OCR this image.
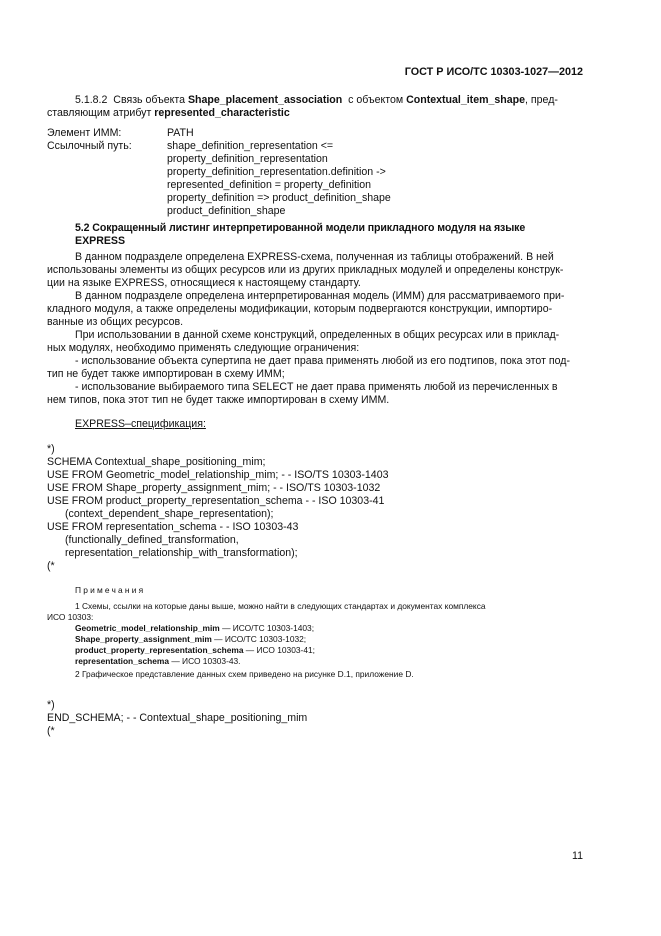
ГОСТ Р ИСО/ТС 10303-1027—2012
5.1.8.2 Связь объекта Shape_placement_association с объектом Contextual_item_shape, пред-
ставляющим атрибут represented_characteristic
Элемент ИММ:	PATH
Ссылочный путь:	shape_definition_representation <=
property_definition_representation
property_definition_representation.definition ->
represented_definition = property_definition
property_definition => product_definition_shape
product_definition_shape
5.2 Сокращенный листинг интерпретированной модели прикладного модуля на языке
EXPRESS
В данном подразделе определена EXPRESS-схема, полученная из таблицы отображений. В ней
использованы элементы из общих ресурсов или из других прикладных модулей и определены конструк-
ции на языке EXPRESS, относящиеся к настоящему стандарту.
В данном подразделе определена интерпретированная модель (ИММ) для рассматриваемого при-
кладного модуля, а также определены модификации, которым подвергаются конструкции, импортиро-
ванные из общих ресурсов.
При использовании в данной схеме конструкций, определенных в общих ресурсах или в приклад-
ных модулях, необходимо применять следующие ограничения:
- использование объекта супертипа не дает права применять любой из его подтипов, пока этот под-
тип не будет также импортирован в схему ИММ;
- использование выбираемого типа SELECT не дает права применять любой из перечисленных в
нем типов, пока этот тип не будет также импортирован в схему ИММ.
EXPRESS–спецификация:
*)
SCHEMA Contextual_shape_positioning_mim;
USE FROM Geometric_model_relationship_mim; - - ISO/TS 10303-1403
USE FROM Shape_property_assignment_mim; - - ISO/TS 10303-1032
USE FROM product_property_representation_schema - - ISO 10303-41
(context_dependent_shape_representation);
USE FROM representation_schema - - ISO 10303-43
(functionally_defined_transformation,
representation_relationship_with_transformation);
(*
Примечания
1 Схемы, ссылки на которые даны выше, можно найти в следующих стандартах и документах комплекса
ИСО 10303:
Geometric_model_relationship_mim — ИСО/ТС 10303-1403;
Shape_property_assignment_mim — ИСО/ТС 10303-1032;
product_property_representation_schema — ИСО 10303-41;
representation_schema — ИСО 10303-43.
2 Графическое представление данных схем приведено на рисунке D.1, приложение D.
*)
END_SCHEMA; - - Contextual_shape_positioning_mim
(*
11
